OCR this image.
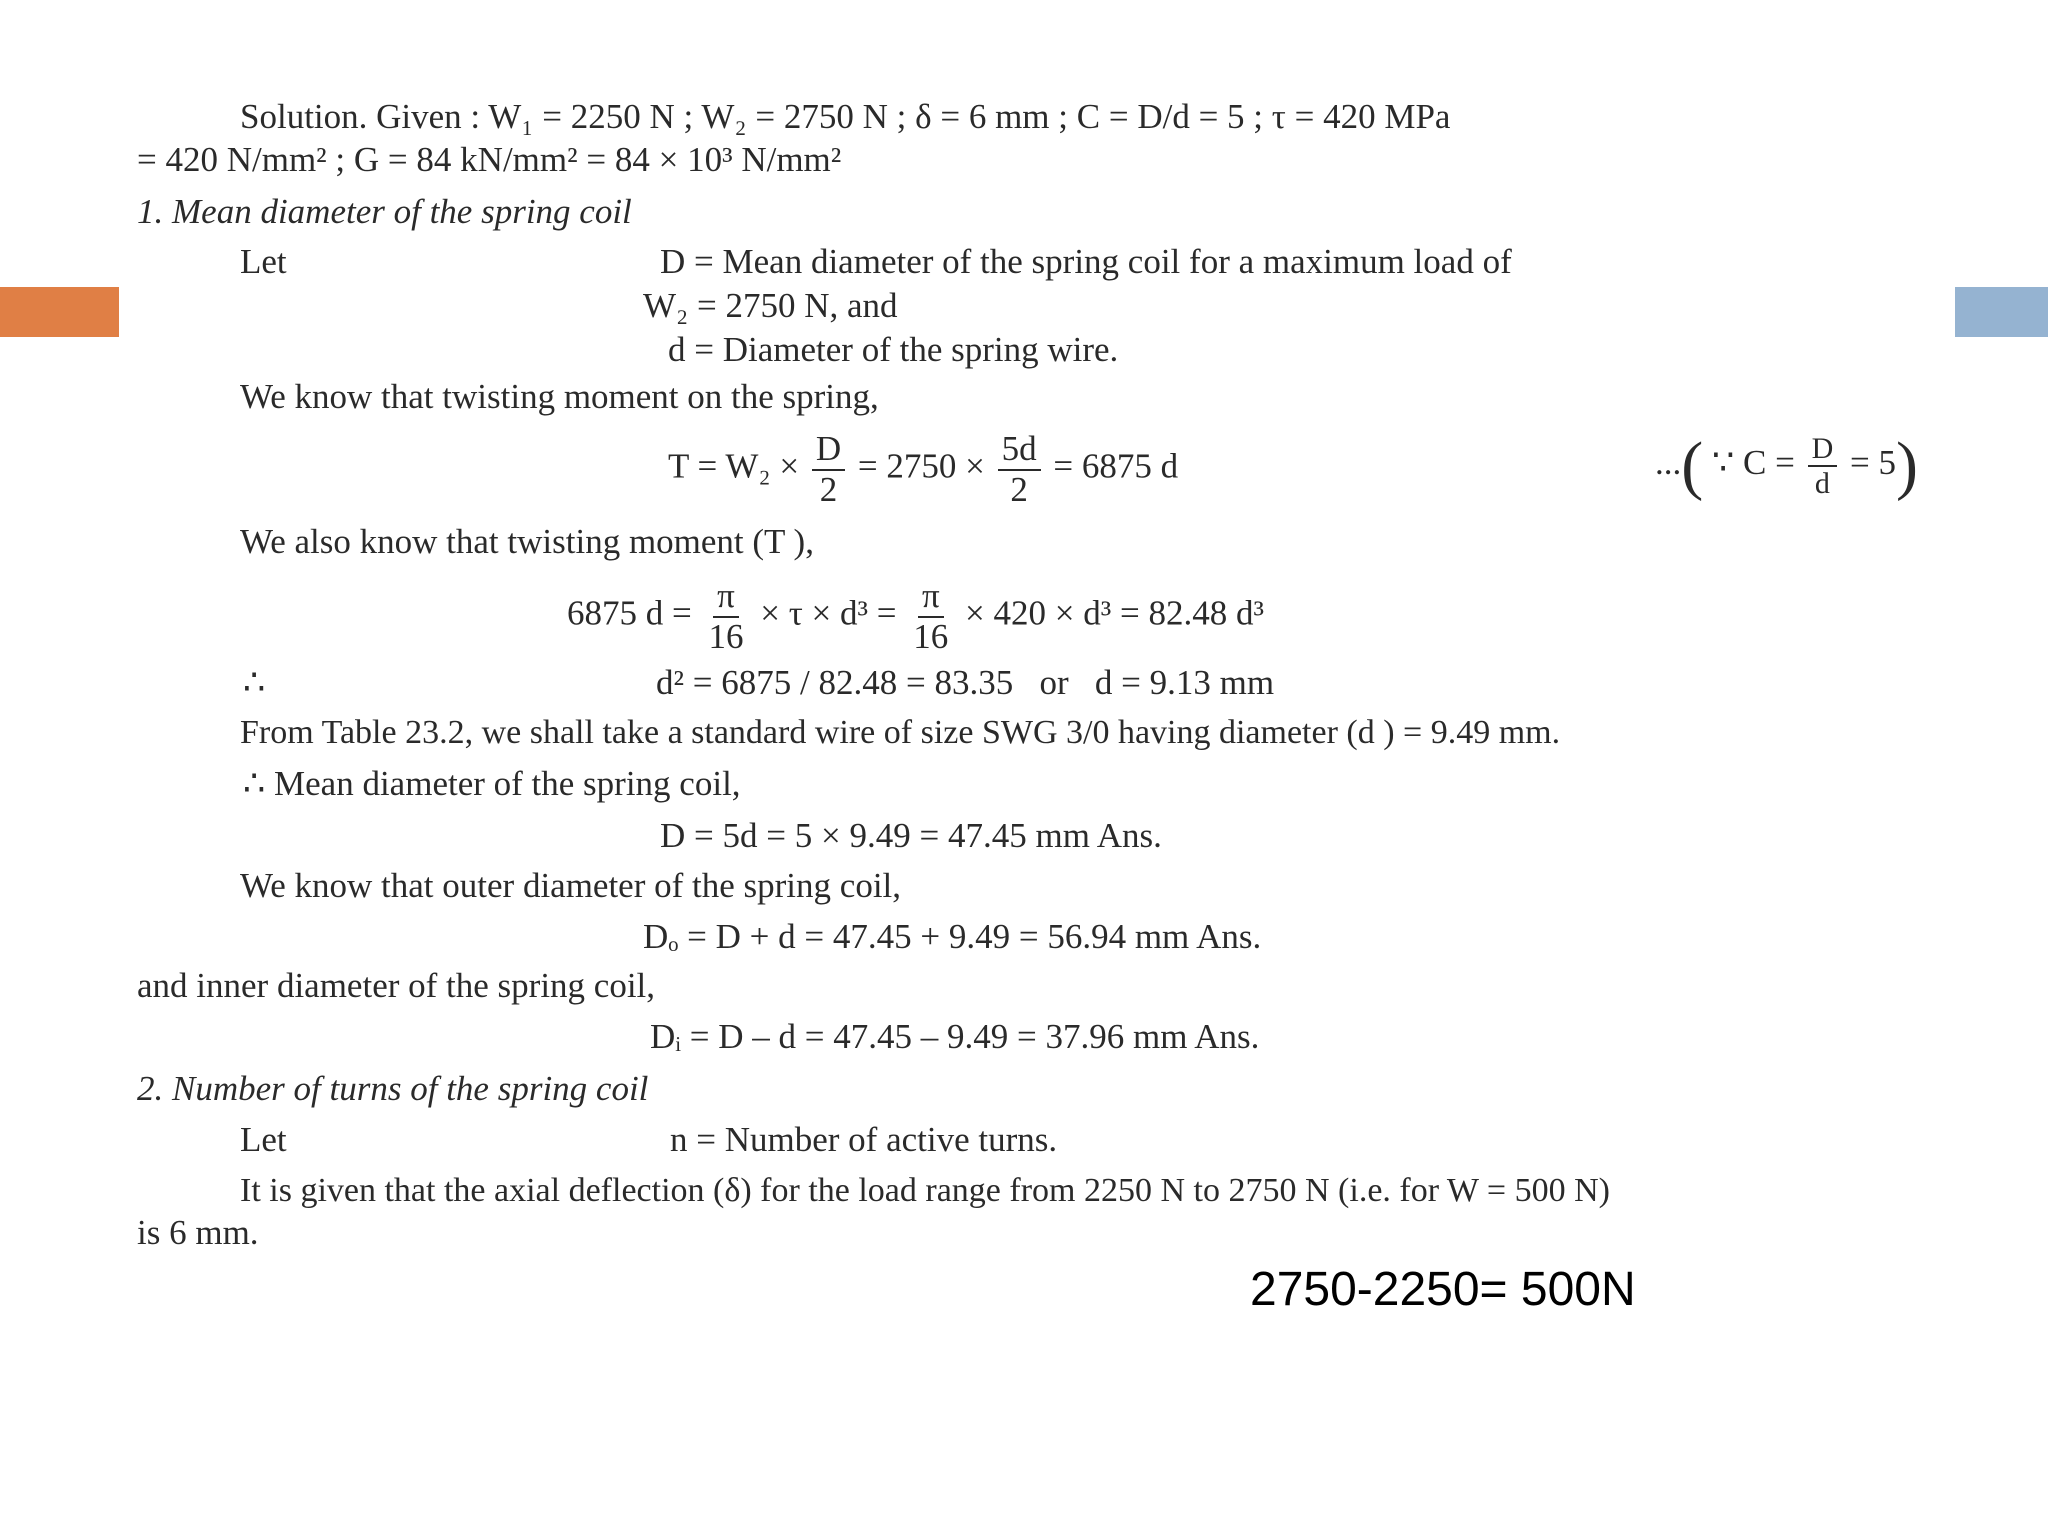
Solution. Given : W₁ = 2250 N ; W₂ = 2750 N ; δ = 6 mm ; C = D/d = 5 ; τ = 420 MPa
= 420 N/mm² ; G = 84 kN/mm² = 84 × 10³ N/mm²
1. Mean diameter of the spring coil
Let	D = Mean diameter of the spring coil for a maximum load of
W₂ = 2750 N, and
d = Diameter of the spring wire.
We know that twisting moment on the spring,
$T = W_2 \times \frac{D}{2} = 2750 \times \frac{5d}{2} = 6875$ d	...( ∵ $C = \frac{D}{d} = 5$)
We also know that twisting moment (T ),
6875 $d = \frac{\pi}{16} \times \tau \times d^3 = \frac{\pi}{16} \times 420 \times d^3 = 82.48$ d³
∴	d² = 6875 / 82.48 = 83.35   or   d = 9.13 mm
From Table 23.2, we shall take a standard wire of size SWG 3/0 having diameter (d ) = 9.49 mm.
∴ Mean diameter of the spring coil,
D = 5d = 5 × 9.49 = 47.45 mm Ans.
We know that outer diameter of the spring coil,
Dₒ = D + d = 47.45 + 9.49 = 56.94 mm Ans.
and inner diameter of the spring coil,
Dᵢ = D – d = 47.45 – 9.49 = 37.96 mm Ans.
2. Number of turns of the spring coil
Let	n = Number of active turns.
It is given that the axial deflection (δ) for the load range from 2250 N to 2750 N (i.e. for W = 500 N)
is 6 mm.
2750-2250= 500N
